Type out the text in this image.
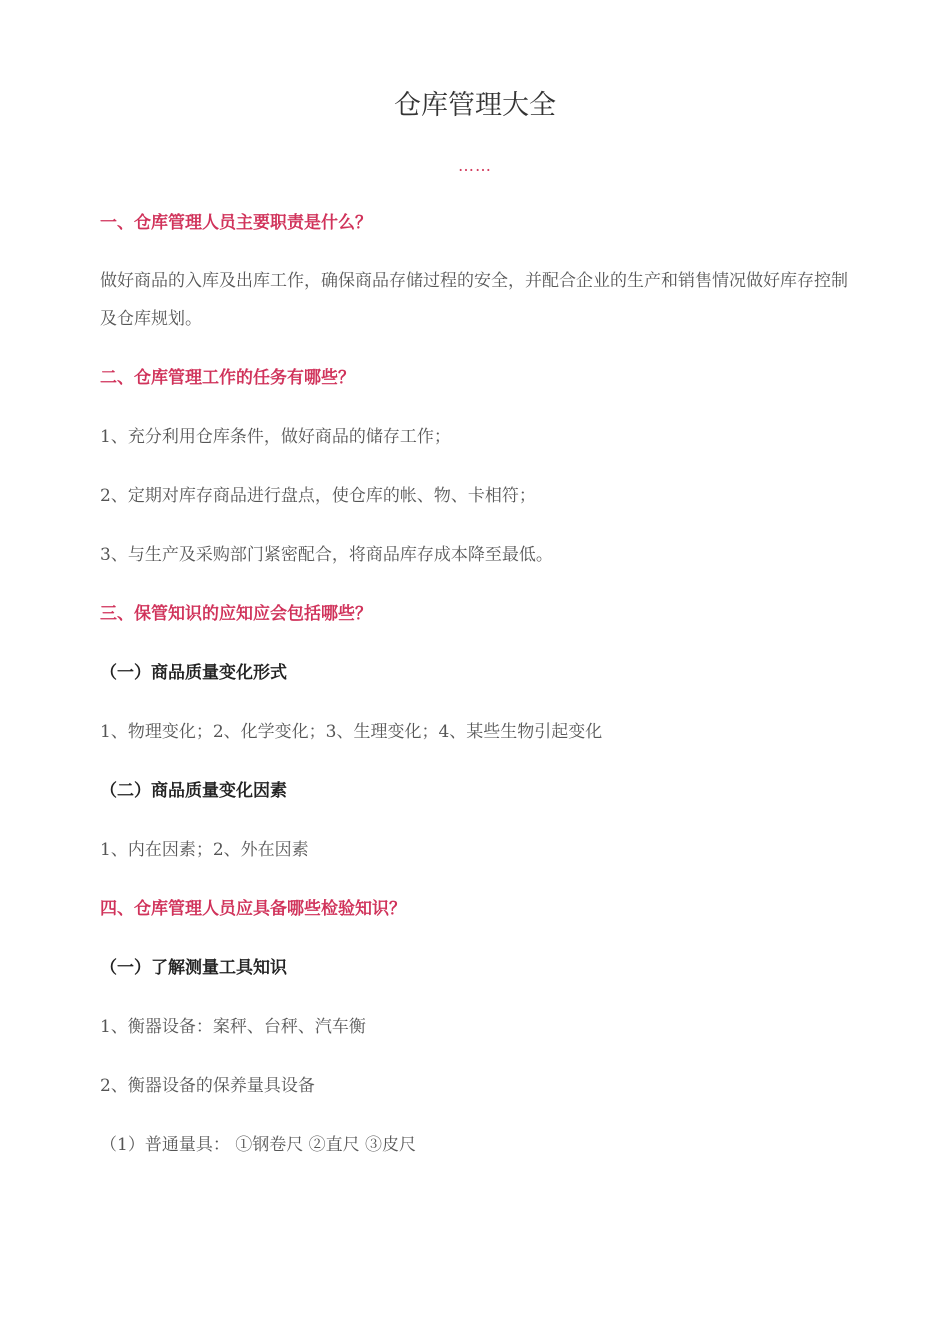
仓库管理大全
……
一、仓库管理人员主要职责是什么？
做好商品的入库及出库工作，确保商品存储过程的安全，并配合企业的生产和销售情况做好库存控制及仓库规划。
二、仓库管理工作的任务有哪些？
1、充分利用仓库条件，做好商品的储存工作；
2、定期对库存商品进行盘点，使仓库的帐、物、卡相符；
3、与生产及采购部门紧密配合，将商品库存成本降至最低。
三、保管知识的应知应会包括哪些？
（一）商品质量变化形式
1、物理变化；2、化学变化；3、生理变化；4、某些生物引起变化
（二）商品质量变化因素
1、内在因素；2、外在因素
四、仓库管理人员应具备哪些检验知识？
（一）了解测量工具知识
1、衡器设备：案秤、台秤、汽车衡
2、衡器设备的保养量具设备
（1）普通量具： ①钢卷尺 ②直尺 ③皮尺
